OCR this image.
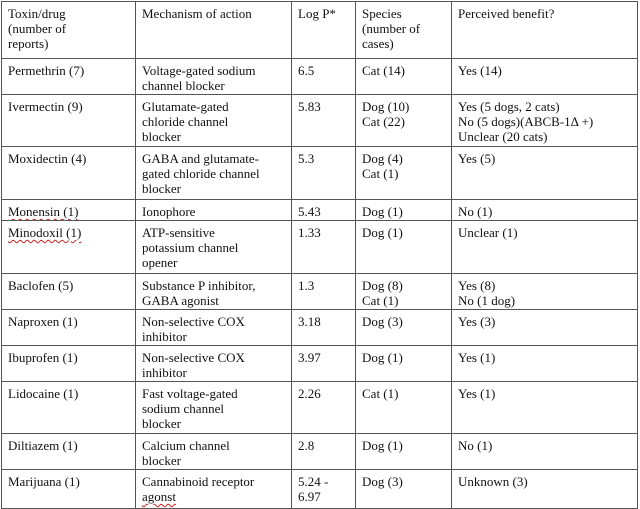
Toxin/drug
(number of
reports)	Mechanism of action	Log P*	Species
(number of
cases)	Perceived benefit?

Permethrin (7)	Voltage-gated sodium
channel blocker	6.5	Cat (14)	Yes (14)

Ivermectin (9)	Glutamate-gated
chloride channel
blocker	5.83	Dog (10)
Cat (22)	Yes (5 dogs, 2 cats)
No (5 dogs)(ABCB-1Δ +)
Unclear (20 cats)

Moxidectin (4)	GABA and glutamate-
gated chloride channel
blocker	5.3	Dog (4)
Cat (1)	Yes (5)

Monensin (1)	Ionophore	5.43	Dog (1)	No (1)

Minodoxil (1)	ATP-sensitive
potassium channel
opener	1.33	Dog (1)	Unclear (1)

Baclofen (5)	Substance P inhibitor,
GABA agonist	1.3	Dog (8)
Cat (1)	Yes (8)
No (1 dog)

Naproxen (1)	Non-selective COX
inhibitor	3.18	Dog (3)	Yes (3)

Ibuprofen (1)	Non-selective COX
inhibitor	3.97	Dog (1)	Yes (1)

Lidocaine (1)	Fast voltage-gated
sodium channel
blocker	2.26	Cat (1)	Yes (1)

Diltiazem (1)	Calcium channel
blocker	2.8	Dog (1)	No (1)

Marijuana (1)	Cannabinoid receptor
agonst	5.24 -
6.97	Dog (3)	Unknown (3)
